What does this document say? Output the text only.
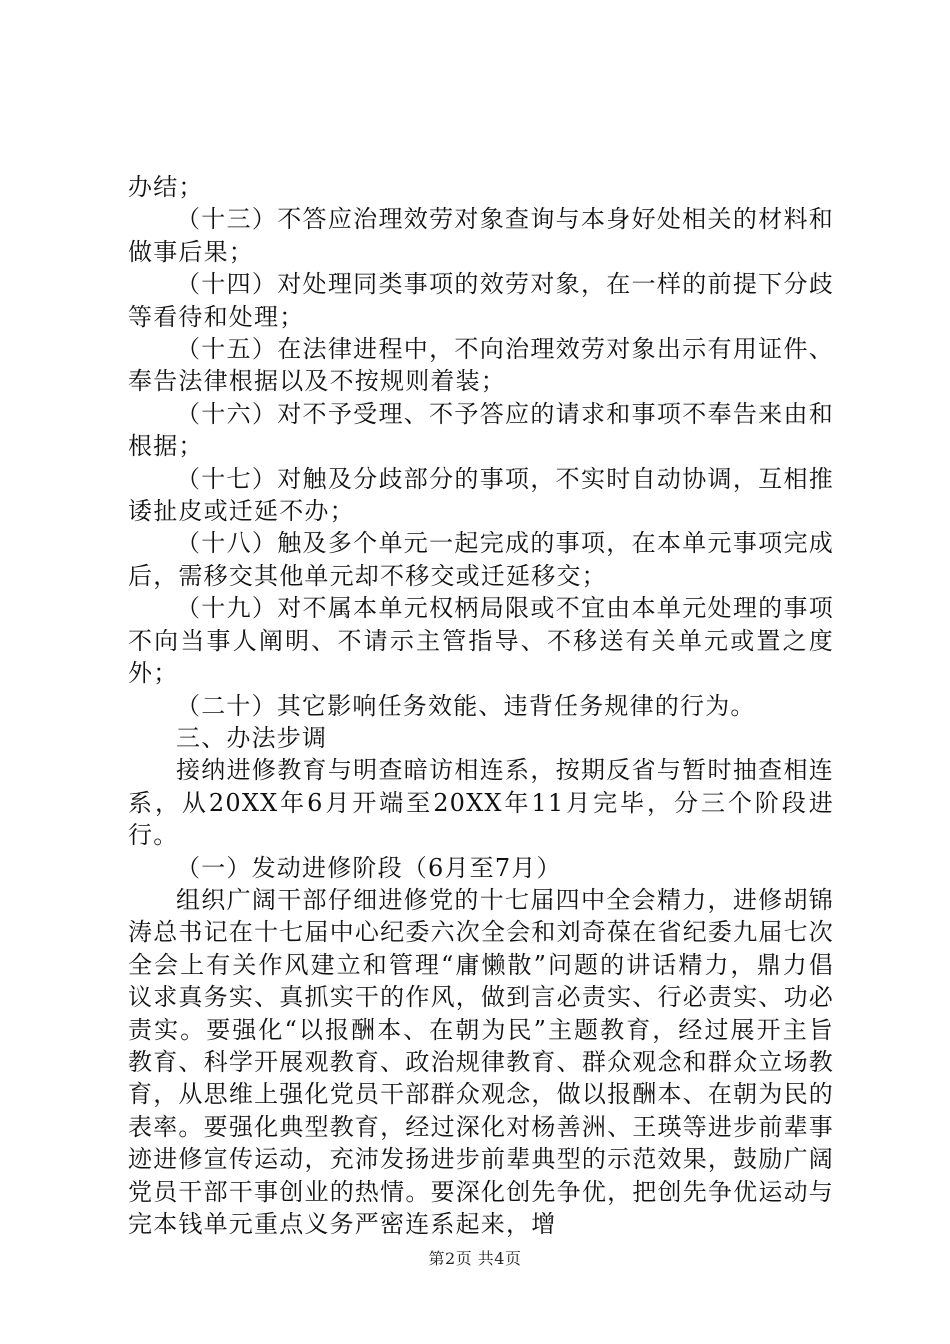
办结；

（十三）不答应治理效劳对象查询与本身好处相关的材料和做事后果；

（十四）对处理同类事项的效劳对象，在一样的前提下分歧等看待和处理；

（十五）在法律进程中，不向治理效劳对象出示有用证件、奉告法律根据以及不按规则着装；

（十六）对不予受理、不予答应的请求和事项不奉告来由和根据；

（十七）对触及分歧部分的事项，不实时自动协调，互相推诿扯皮或迁延不办；

（十八）触及多个单元一起完成的事项，在本单元事项完成后，需移交其他单元却不移交或迁延移交；

（十九）对不属本单元权柄局限或不宜由本单元处理的事项不向当事人阐明、不请示主管指导、不移送有关单元或置之度外；

（二十）其它影响任务效能、违背任务规律的行为。

三、办法步调

接纳进修教育与明查暗访相连系，按期反省与暂时抽查相连系，从20XX年6月开端至20XX年11月完毕，分三个阶段进行。

（一）发动进修阶段（6月至7月）

组织广阔干部仔细进修党的十七届四中全会精力，进修胡锦涛总书记在十七届中心纪委六次全会和刘奇葆在省纪委九届七次全会上有关作风建立和管理“庸懒散”问题的讲话精力，鼎力倡议求真务实、真抓实干的作风，做到言必责实、行必责实、功必责实。要强化“以报酬本、在朝为民”主题教育，经过展开主旨教育、科学开展观教育、政治规律教育、群众观念和群众立场教育，从思维上强化党员干部群众观念，做以报酬本、在朝为民的表率。要强化典型教育，经过深化对杨善洲、王瑛等进步前辈事迹进修宣传运动，充沛发扬进步前辈典型的示范效果，鼓励广阔党员干部干事创业的热情。要深化创先争优，把创先争优运动与完本钱单元重点义务严密连系起来，增

第2页 共4页
